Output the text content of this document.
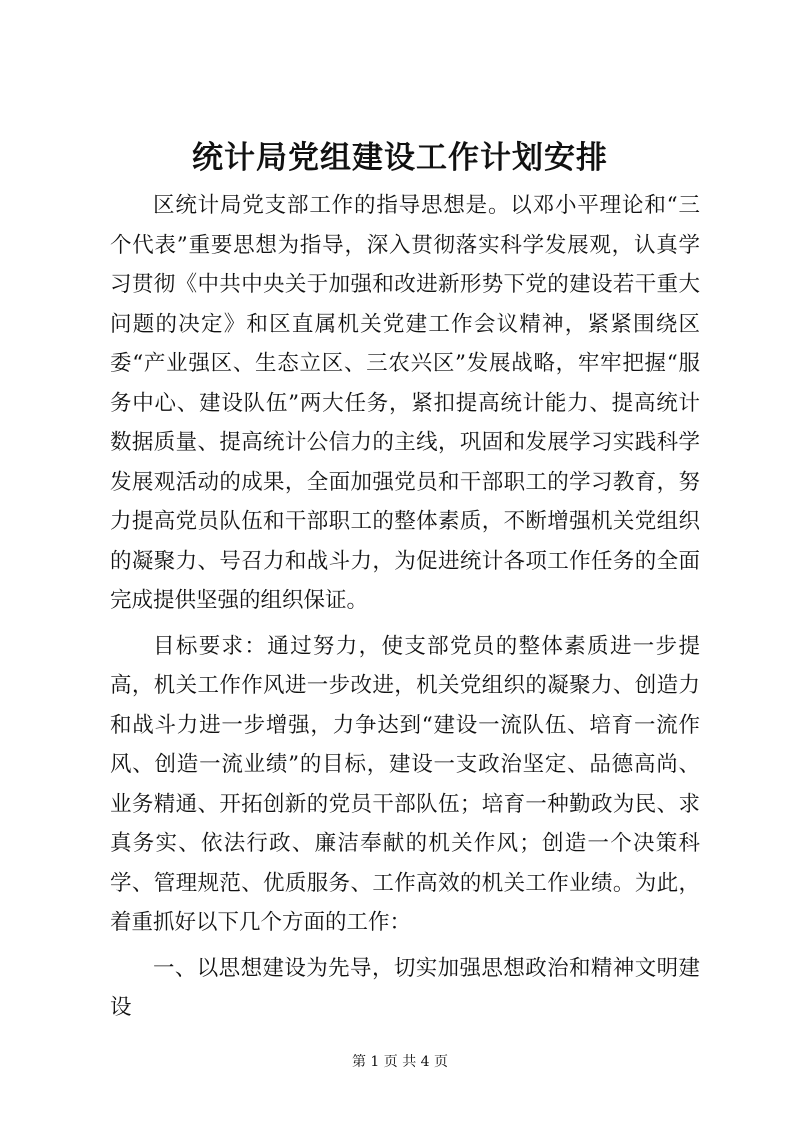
统计局党组建设工作计划安排

区统计局党支部工作的指导思想是。以邓小平理论和“三个代表”重要思想为指导，深入贯彻落实科学发展观，认真学习贯彻《中共中央关于加强和改进新形势下党的建设若干重大问题的决定》和区直属机关党建工作会议精神，紧紧围绕区委“产业强区、生态立区、三农兴区”发展战略，牢牢把握“服务中心、建设队伍”两大任务，紧扣提高统计能力、提高统计数据质量、提高统计公信力的主线，巩固和发展学习实践科学发展观活动的成果，全面加强党员和干部职工的学习教育，努力提高党员队伍和干部职工的整体素质，不断增强机关党组织的凝聚力、号召力和战斗力，为促进统计各项工作任务的全面完成提供坚强的组织保证。

目标要求：通过努力，使支部党员的整体素质进一步提高，机关工作作风进一步改进，机关党组织的凝聚力、创造力和战斗力进一步增强，力争达到“建设一流队伍、培育一流作风、创造一流业绩”的目标，建设一支政治坚定、品德高尚、业务精通、开拓创新的党员干部队伍；培育一种勤政为民、求真务实、依法行政、廉洁奉献的机关作风；创造一个决策科学、管理规范、优质服务、工作高效的机关工作业绩。为此，着重抓好以下几个方面的工作：

一、以思想建设为先导，切实加强思想政治和精神文明建设

第 1 页 共 4 页
